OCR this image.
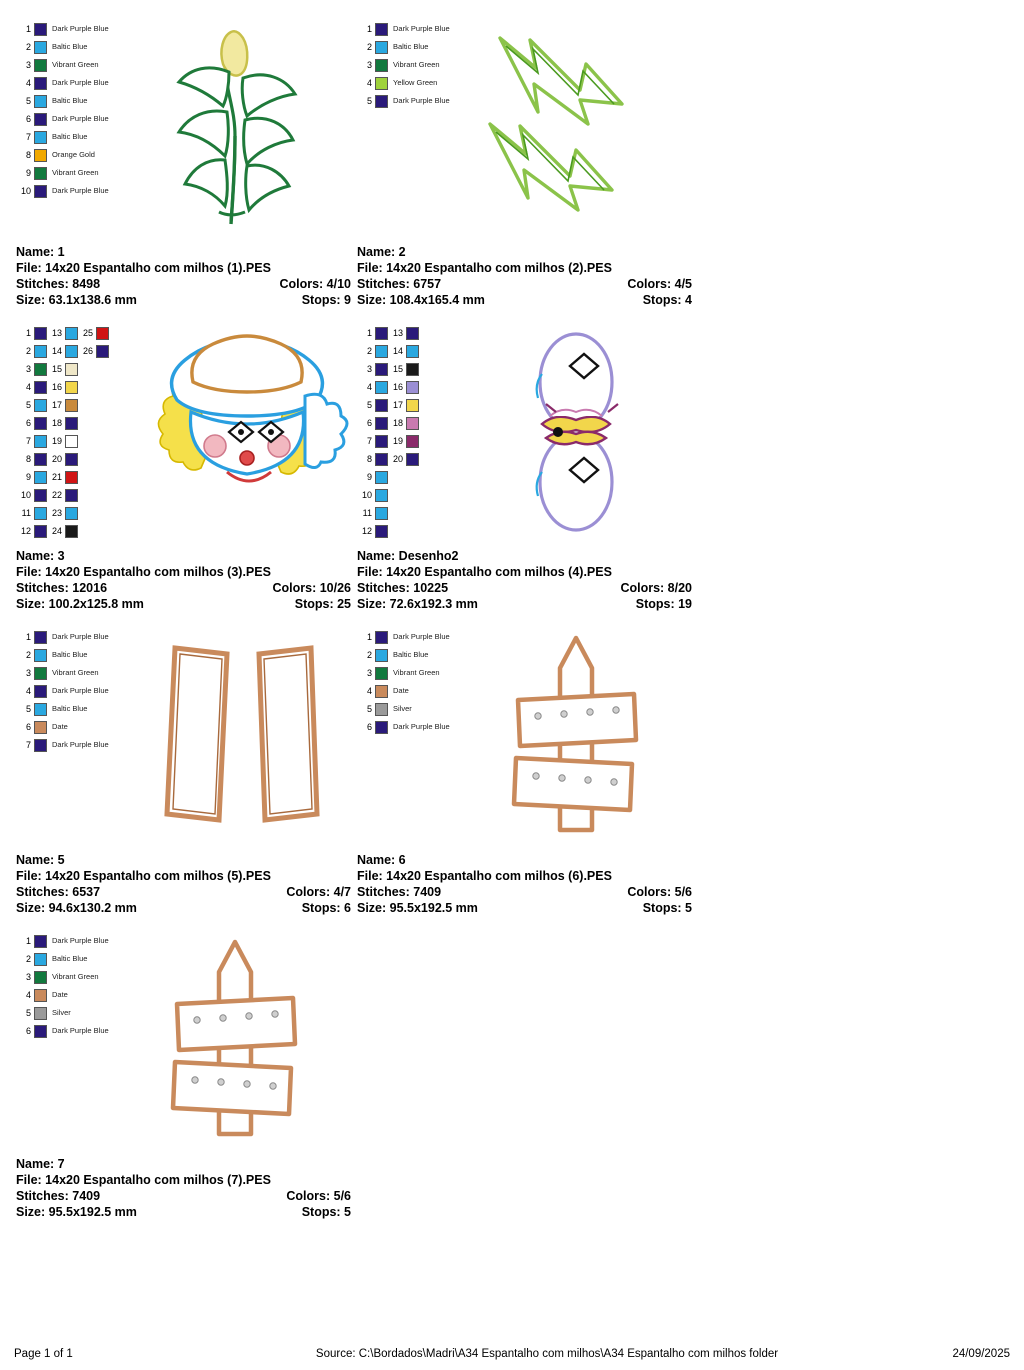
1	Dark Purple Blue
2	Baltic Blue
3	Vibrant Green
4	Dark Purple Blue
5	Baltic Blue
6	Dark Purple Blue
7	Baltic Blue
8	Orange Gold
9	Vibrant Green
10	Dark Purple Blue
Name: 1
File: 14x20 Espantalho com milhos (1).PES
Stitches: 8498	Colors: 4/10
Size: 63.1x138.6 mm	Stops: 9
1	Dark Purple Blue
2	Baltic Blue
3	Vibrant Green
4	Yellow Green
5	Dark Purple Blue
Name: 2
File: 14x20 Espantalho com milhos (2).PES
Stitches: 6757	Colors: 4/5
Size: 108.4x165.4 mm	Stops: 4
1
2
3
4
5
6
7
8
9
10
11
12
13
14
15
16
17
18
19
20
21
22
23
24
25
26
Name: 3
File: 14x20 Espantalho com milhos (3).PES
Stitches: 12016	Colors: 10/26
Size: 100.2x125.8 mm	Stops: 25
1
2
3
4
5
6
7
8
9
10
11
12
13
14
15
16
17
18
19
20
Name: Desenho2
File: 14x20 Espantalho com milhos (4).PES
Stitches: 10225	Colors: 8/20
Size: 72.6x192.3 mm	Stops: 19
1	Dark Purple Blue
2	Baltic Blue
3	Vibrant Green
4	Dark Purple Blue
5	Baltic Blue
6	Date
7	Dark Purple Blue
Name: 5
File: 14x20 Espantalho com milhos (5).PES
Stitches: 6537	Colors: 4/7
Size: 94.6x130.2 mm	Stops: 6
1	Dark Purple Blue
2	Baltic Blue
3	Vibrant Green
4	Date
5	Silver
6	Dark Purple Blue
Name: 6
File: 14x20 Espantalho com milhos (6).PES
Stitches: 7409	Colors: 5/6
Size: 95.5x192.5 mm	Stops: 5
1	Dark Purple Blue
2	Baltic Blue
3	Vibrant Green
4	Date
5	Silver
6	Dark Purple Blue
Name: 7
File: 14x20 Espantalho com milhos (7).PES
Stitches: 7409	Colors: 5/6
Size: 95.5x192.5 mm	Stops: 5
Page 1 of 1	Source: C:\Bordados\Madri\A34 Espantalho com milhos\A34 Espantalho com milhos folder	24/09/2025
